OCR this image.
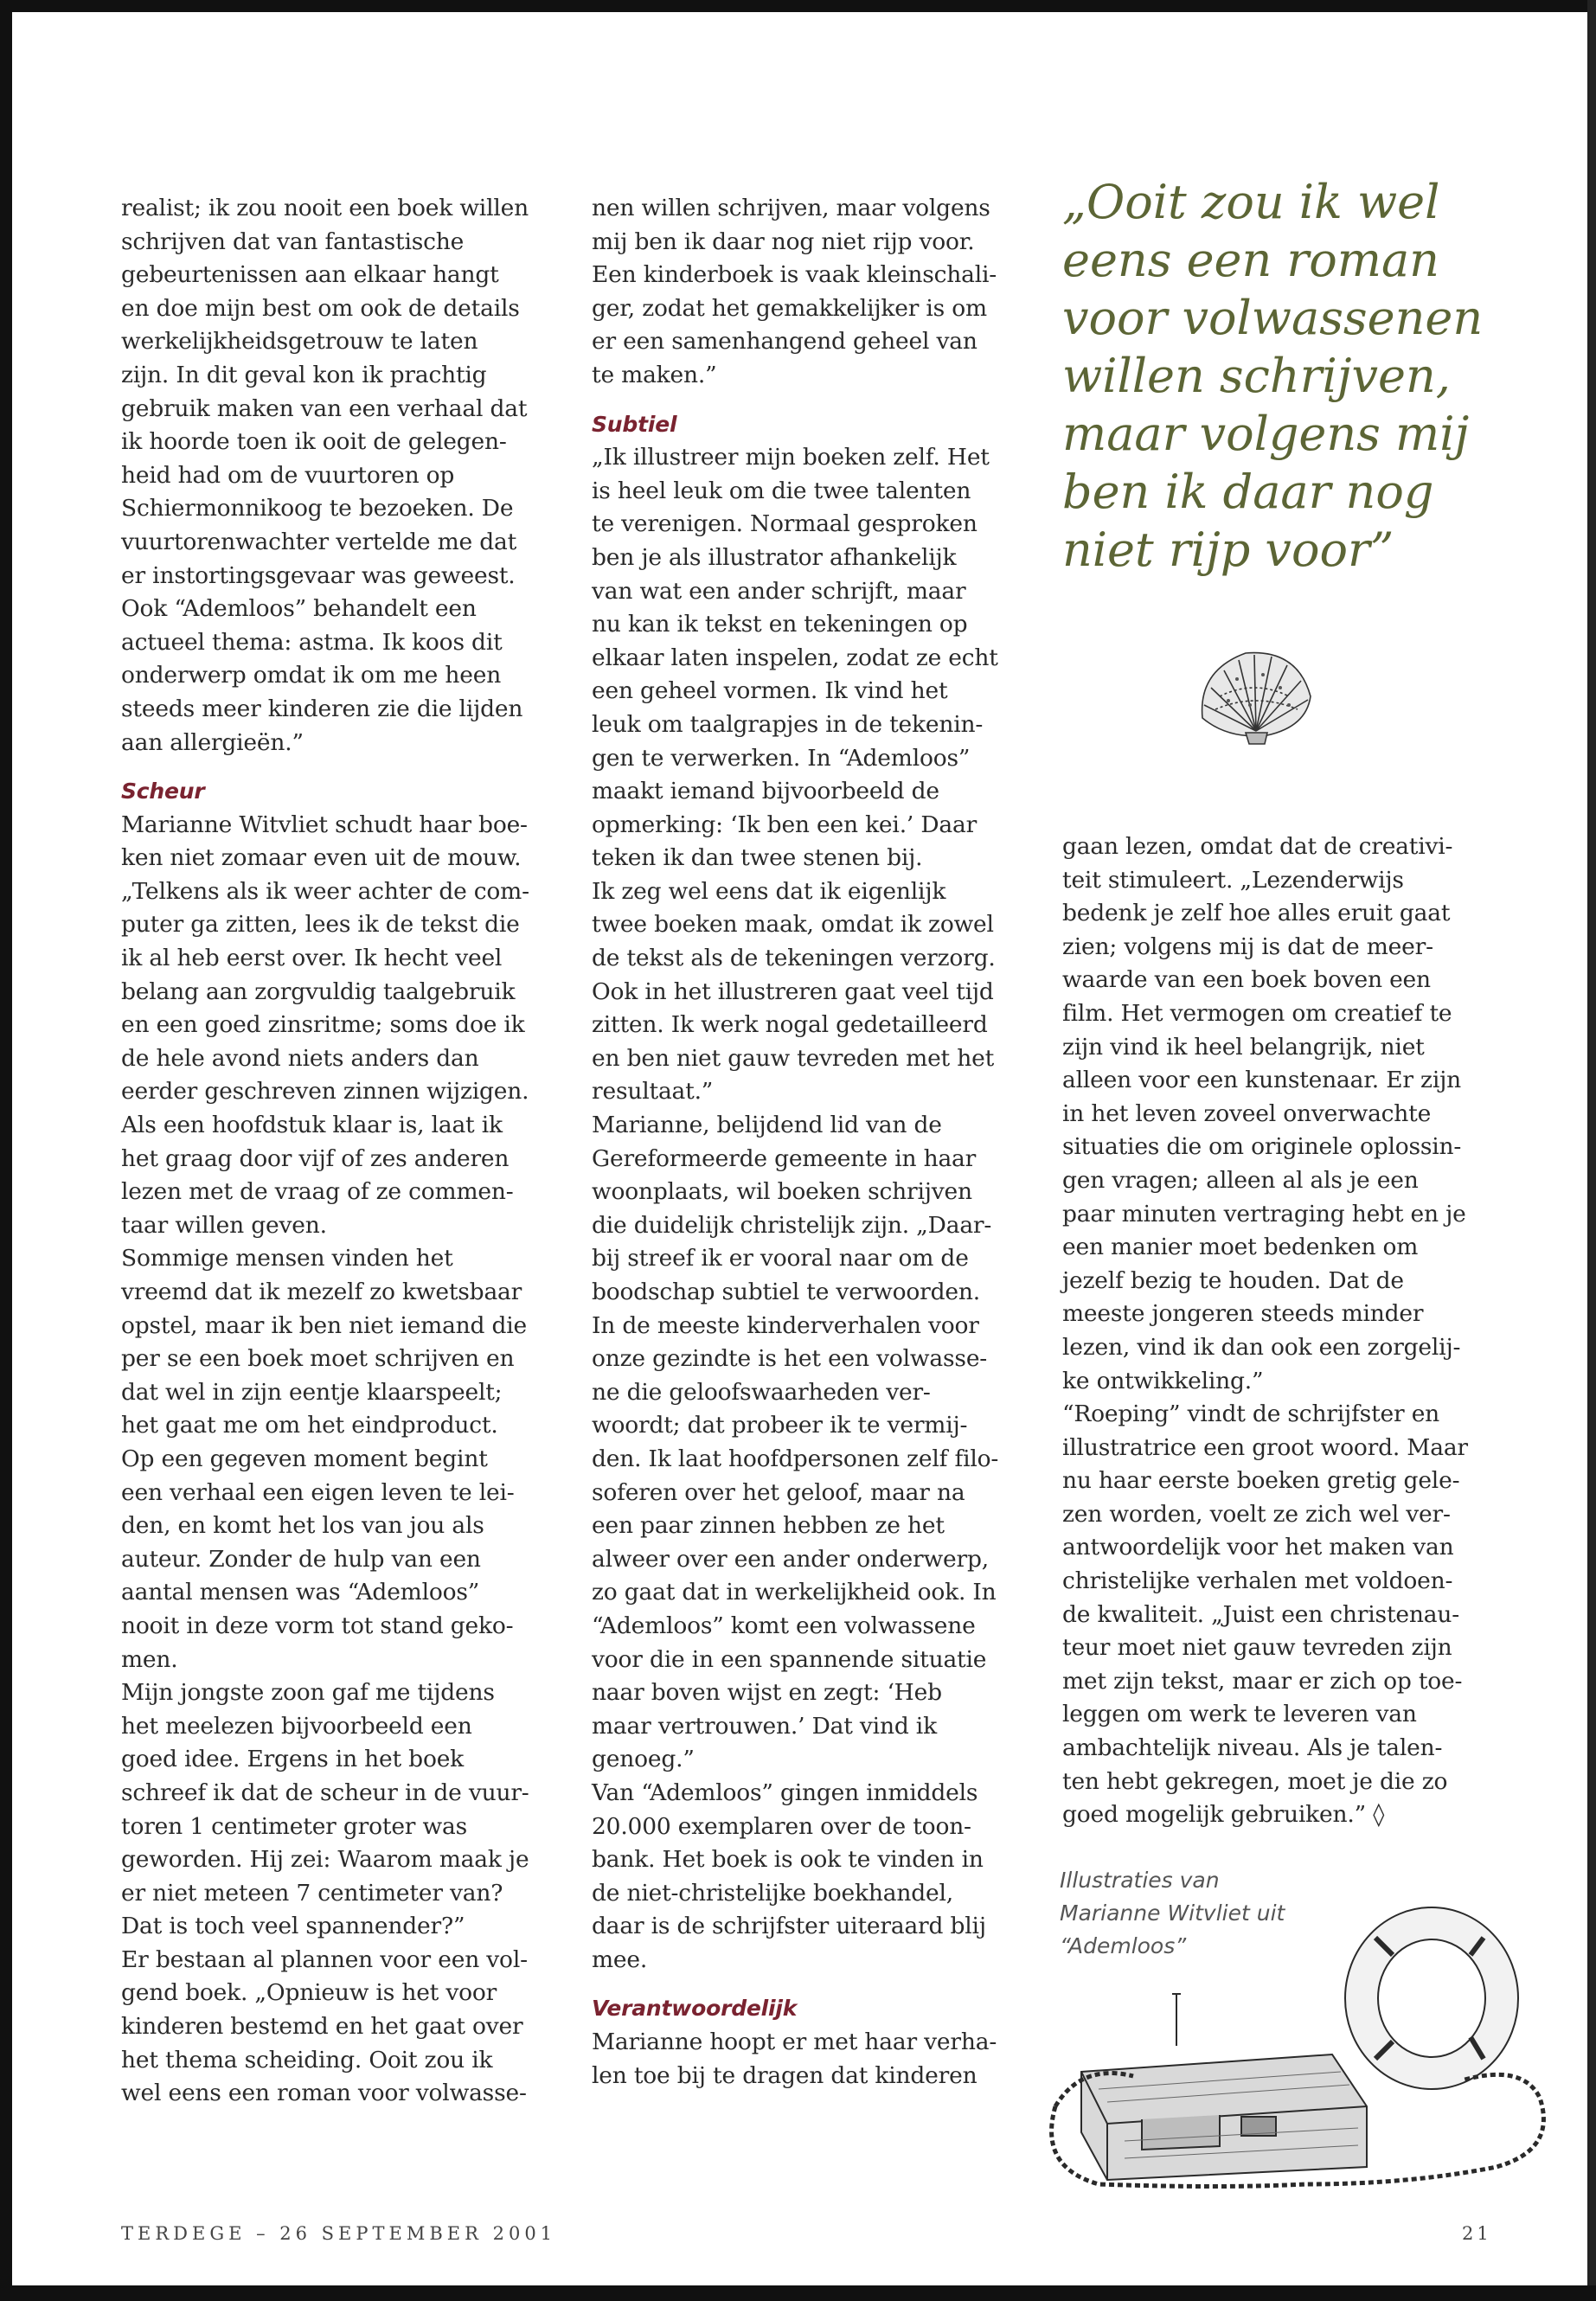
realist; ik zou nooit een boek willen
schrijven dat van fantastische
gebeurtenissen aan elkaar hangt
en doe mijn best om ook de details
werkelijkheidsgetrouw te laten
zijn. In dit geval kon ik prachtig
gebruik maken van een verhaal dat
ik hoorde toen ik ooit de gelegen-
heid had om de vuurtoren op
Schiermonnikoog te bezoeken. De
vuurtorenwachter vertelde me dat
er instortingsgevaar was geweest.
Ook “Ademloos” behandelt een
actueel thema: astma. Ik koos dit
onderwerp omdat ik om me heen
steeds meer kinderen zie die lijden
aan allergieën.”
Scheur
Marianne Witvliet schudt haar boe-
ken niet zomaar even uit de mouw.
„Telkens als ik weer achter de com-
puter ga zitten, lees ik de tekst die
ik al heb eerst over. Ik hecht veel
belang aan zorgvuldig taalgebruik
en een goed zinsritme; soms doe ik
de hele avond niets anders dan
eerder geschreven zinnen wijzigen.
Als een hoofdstuk klaar is, laat ik
het graag door vijf of zes anderen
lezen met de vraag of ze commen-
taar willen geven.
Sommige mensen vinden het
vreemd dat ik mezelf zo kwetsbaar
opstel, maar ik ben niet iemand die
per se een boek moet schrijven en
dat wel in zijn eentje klaarspeelt;
het gaat me om het eindproduct.
Op een gegeven moment begint
een verhaal een eigen leven te lei-
den, en komt het los van jou als
auteur. Zonder de hulp van een
aantal mensen was “Ademloos”
nooit in deze vorm tot stand geko-
men.
Mijn jongste zoon gaf me tijdens
het meelezen bijvoorbeeld een
goed idee. Ergens in het boek
schreef ik dat de scheur in de vuur-
toren 1 centimeter groter was
geworden. Hij zei: Waarom maak je
er niet meteen 7 centimeter van?
Dat is toch veel spannender?”
Er bestaan al plannen voor een vol-
gend boek. „Opnieuw is het voor
kinderen bestemd en het gaat over
het thema scheiding. Ooit zou ik
wel eens een roman voor volwasse-
nen willen schrijven, maar volgens
mij ben ik daar nog niet rijp voor.
Een kinderboek is vaak kleinschali-
ger, zodat het gemakkelijker is om
er een samenhangend geheel van
te maken.”
Subtiel
„Ik illustreer mijn boeken zelf. Het
is heel leuk om die twee talenten
te verenigen. Normaal gesproken
ben je als illustrator afhankelijk
van wat een ander schrijft, maar
nu kan ik tekst en tekeningen op
elkaar laten inspelen, zodat ze echt
een geheel vormen. Ik vind het
leuk om taalgrapjes in de tekenin-
gen te verwerken. In “Ademloos”
maakt iemand bijvoorbeeld de
opmerking: ‘Ik ben een kei.’ Daar
teken ik dan twee stenen bij.
Ik zeg wel eens dat ik eigenlijk
twee boeken maak, omdat ik zowel
de tekst als de tekeningen verzorg.
Ook in het illustreren gaat veel tijd
zitten. Ik werk nogal gedetailleerd
en ben niet gauw tevreden met het
resultaat.”
Marianne, belijdend lid van de
Gereformeerde gemeente in haar
woonplaats, wil boeken schrijven
die duidelijk christelijk zijn. „Daar-
bij streef ik er vooral naar om de
boodschap subtiel te verwoorden.
In de meeste kinderverhalen voor
onze gezindte is het een volwasse-
ne die geloofswaarheden ver-
woordt; dat probeer ik te vermij-
den. Ik laat hoofdpersonen zelf filo-
soferen over het geloof, maar na
een paar zinnen hebben ze het
alweer over een ander onderwerp,
zo gaat dat in werkelijkheid ook. In
“Ademloos” komt een volwassene
voor die in een spannende situatie
naar boven wijst en zegt: ‘Heb
maar vertrouwen.’ Dat vind ik
genoeg.”
Van “Ademloos” gingen inmiddels
20.000 exemplaren over de toon-
bank. Het boek is ook te vinden in
de niet-christelijke boekhandel,
daar is de schrijfster uiteraard blij
mee.
Verantwoordelijk
Marianne hoopt er met haar verha-
len toe bij te dragen dat kinderen
„Ooit zou ik wel
eens een roman
voor volwassenen
willen schrijven,
maar volgens mij
ben ik daar nog
niet rijp voor”
gaan lezen, omdat dat de creativi-
teit stimuleert. „Lezenderwijs
bedenk je zelf hoe alles eruit gaat
zien; volgens mij is dat de meer-
waarde van een boek boven een
film. Het vermogen om creatief te
zijn vind ik heel belangrijk, niet
alleen voor een kunstenaar. Er zijn
in het leven zoveel onverwachte
situaties die om originele oplossin-
gen vragen; alleen al als je een
paar minuten vertraging hebt en je
een manier moet bedenken om
jezelf bezig te houden. Dat de
meeste jongeren steeds minder
lezen, vind ik dan ook een zorgelij-
ke ontwikkeling.”
“Roeping” vindt de schrijfster en
illustratrice een groot woord. Maar
nu haar eerste boeken gretig gele-
zen worden, voelt ze zich wel ver-
antwoordelijk voor het maken van
christelijke verhalen met voldoen-
de kwaliteit. „Juist een christenau-
teur moet niet gauw tevreden zijn
met zijn tekst, maar er zich op toe-
leggen om werk te leveren van
ambachtelijk niveau. Als je talen-
ten hebt gekregen, moet je die zo
goed mogelijk gebruiken.” ◊
Illustraties van
Marianne Witvliet uit
“Ademloos”
TERDEGE – 26 SEPTEMBER 2001	21
